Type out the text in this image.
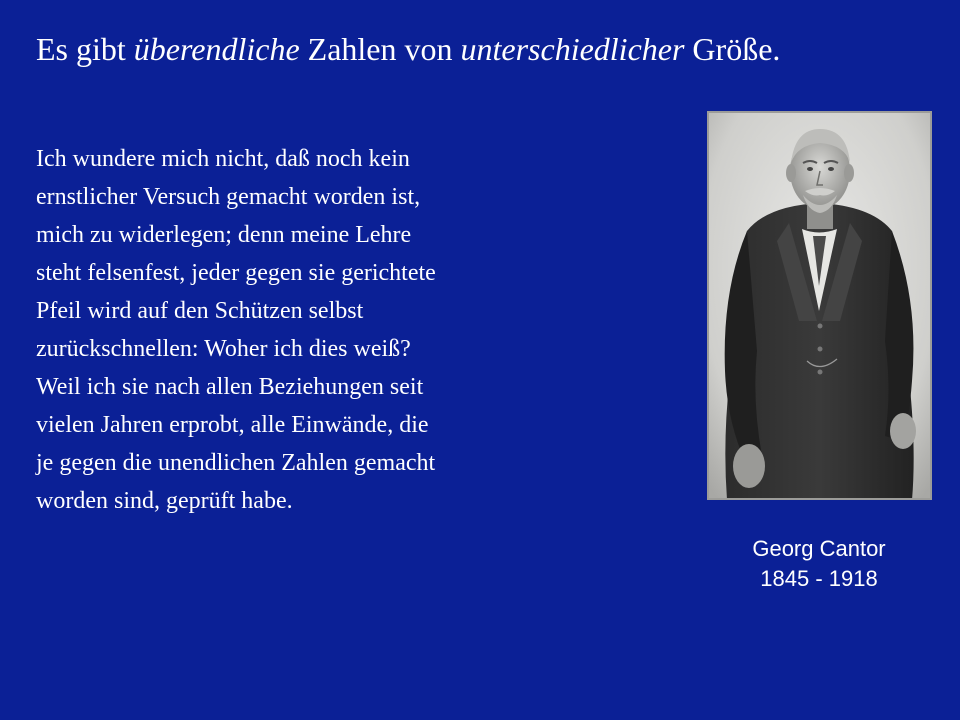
Es gibt überendliche Zahlen von unterschiedlicher Größe.
Ich wundere mich nicht, daß noch kein
ernstlicher Versuch gemacht worden ist,
mich zu widerlegen; denn meine Lehre
steht felsenfest, jeder gegen sie gerichtete
Pfeil wird auf den Schützen selbst
zurückschnellen: Woher ich dies weiß?
Weil ich sie nach allen Beziehungen seit
vielen Jahren erprobt, alle Einwände, die
je gegen die unendlichen Zahlen gemacht
worden sind, geprüft habe.
Georg Cantor
1845 - 1918
